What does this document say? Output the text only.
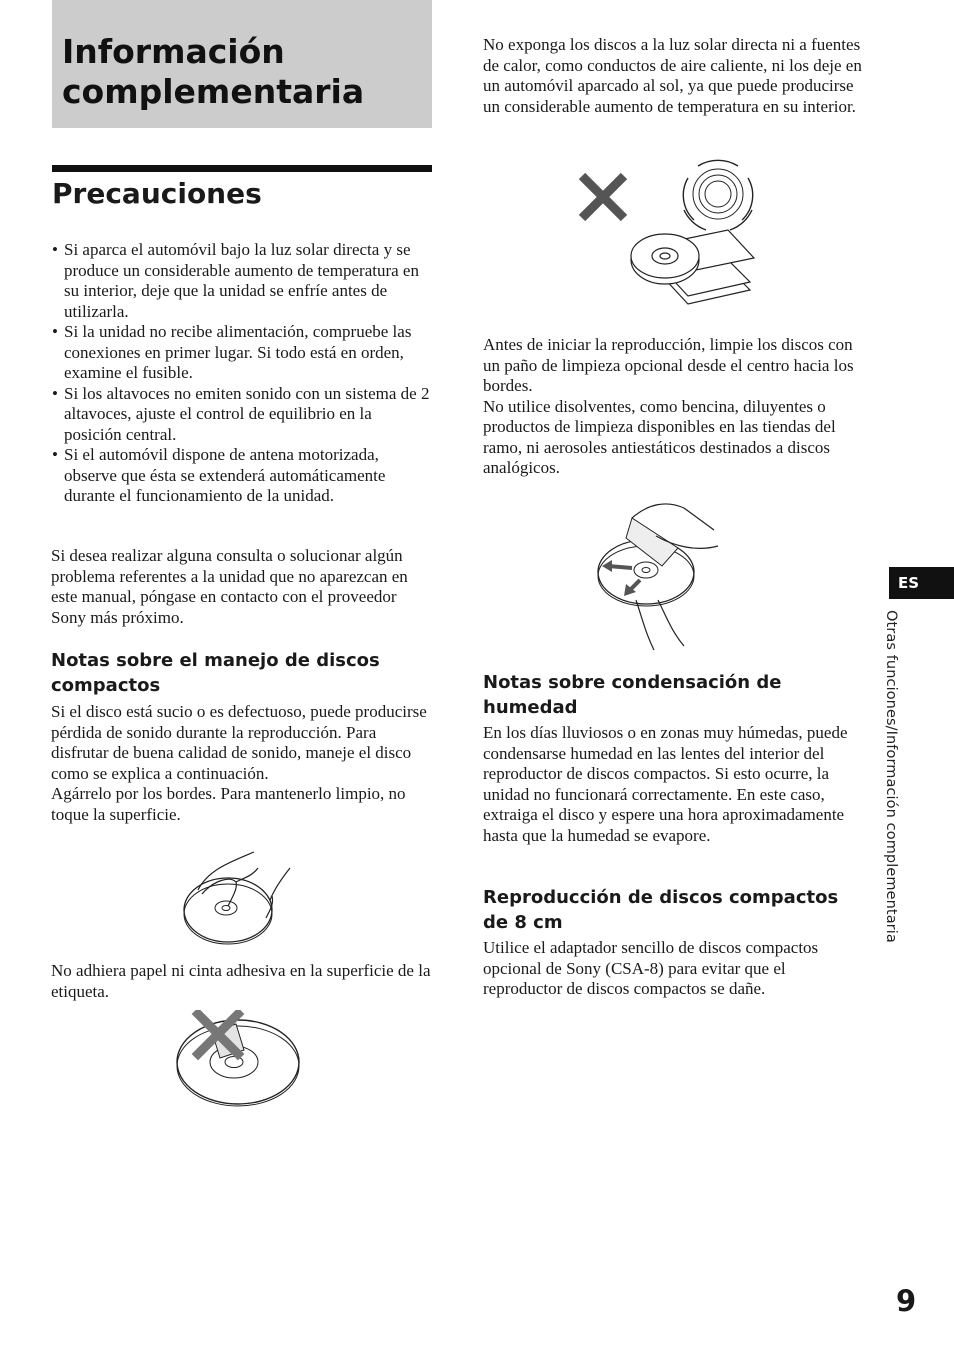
Información
complementaria
Precauciones
• Si aparca el automóvil bajo la luz solar directa y se produce un considerable aumento de temperatura en su interior, deje que la unidad se enfríe antes de utilizarla.
• Si la unidad no recibe alimentación, compruebe las conexiones en primer lugar. Si todo está en orden, examine el fusible.
• Si los altavoces no emiten sonido con un sistema de 2 altavoces, ajuste el control de equilibrio en la posición central.
• Si el automóvil dispone de antena motorizada, observe que ésta se extenderá automáticamente durante el funcionamiento de la unidad.

Si desea realizar alguna consulta o solucionar algún problema referentes a la unidad que no aparezcan en este manual, póngase en contacto con el proveedor Sony más próximo.

Notas sobre el manejo de discos compactos

Si el disco está sucio o es defectuoso, puede producirse pérdida de sonido durante la reproducción. Para disfrutar de buena calidad de sonido, maneje el disco como se explica a continuación.

Agárrelo por los bordes. Para mantenerlo limpio, no toque la superficie.

No adhiera papel ni cinta adhesiva en la superficie de la etiqueta.

No exponga los discos a la luz solar directa ni a fuentes de calor, como conductos de aire caliente, ni los deje en un automóvil aparcado al sol, ya que puede producirse un considerable aumento de temperatura en su interior.

Antes de iniciar la reproducción, limpie los discos con un paño de limpieza opcional desde el centro hacia los bordes.

No utilice disolventes, como bencina, diluyentes o productos de limpieza disponibles en las tiendas del ramo, ni aerosoles antiestáticos destinados a discos analógicos.

Notas sobre condensación de humedad

En los días lluviosos o en zonas muy húmedas, puede condensarse humedad en las lentes del interior del reproductor de discos compactos. Si esto ocurre, la unidad no funcionará correctamente. En este caso, extraiga el disco y espere una hora aproximadamente hasta que la humedad se evapore.

Reproducción de discos compactos de 8 cm

Utilice el adaptador sencillo de discos compactos opcional de Sony (CSA-8) para evitar que el reproductor de discos compactos se dañe.

ES
Otras funciones/Información complementaria
9
